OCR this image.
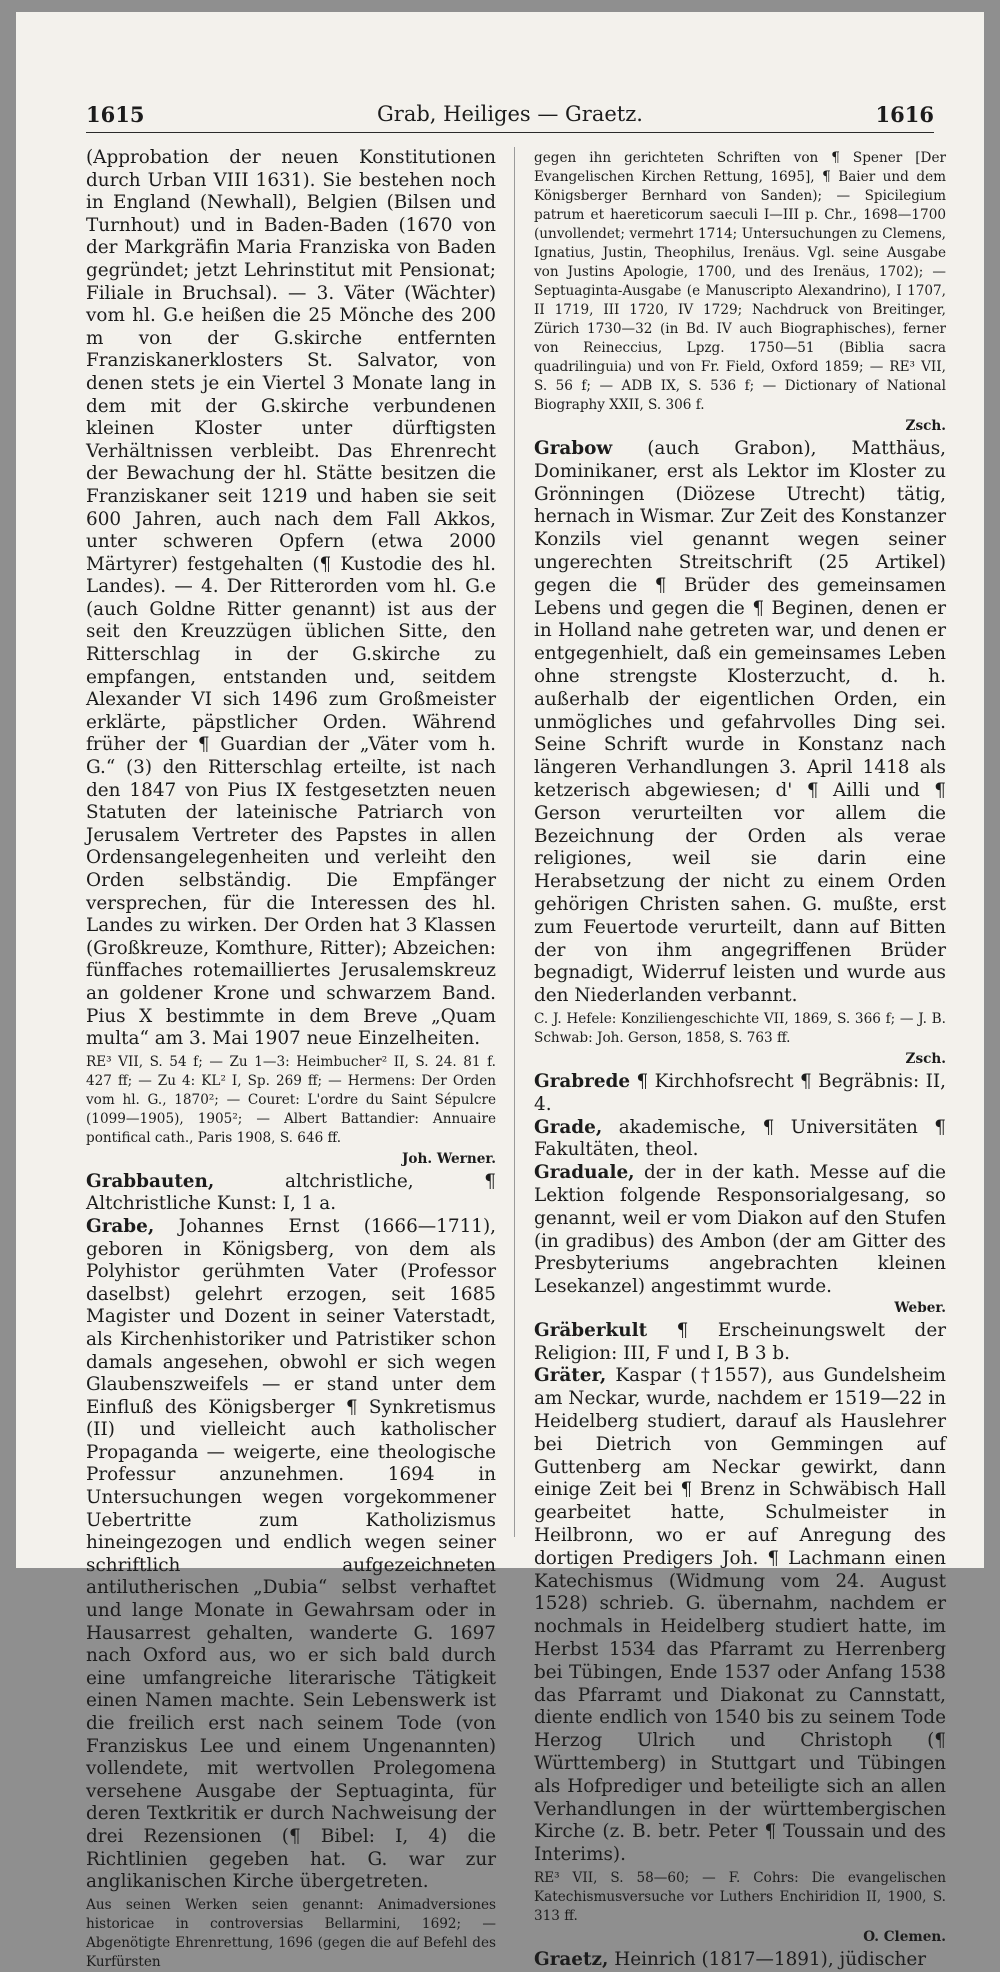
1615	Grab, Heiliges — Graetz.	1616

(Approbation der neuen Konstitutionen durch Urban VIII 1631). Sie bestehen noch in England (Newhall), Belgien (Bilsen und Turnhout) und in Baden-Baden (1670 von der Markgräfin Maria Franziska von Baden gegründet; jetzt Lehrinstitut mit Pensionat; Filiale in Bruchsal). — 3. Väter (Wächter) vom hl. G.e heißen die 25 Mönche des 200 m von der G.skirche entfernten Franziskanerklosters St. Salvator, von denen stets je ein Viertel 3 Monate lang in dem mit der G.skirche verbundenen kleinen Kloster unter dürftigsten Verhältnissen verbleibt. Das Ehrenrecht der Bewachung der hl. Stätte besitzen die Franziskaner seit 1219 und haben sie seit 600 Jahren, auch nach dem Fall Akkos, unter schweren Opfern (etwa 2000 Märtyrer) festgehalten (¶ Kustodie des hl. Landes). — 4. Der Ritterorden vom hl. G.e (auch Goldne Ritter genannt) ist aus der seit den Kreuzzügen üblichen Sitte, den Ritterschlag in der G.skirche zu empfangen, entstanden und, seitdem Alexander VI sich 1496 zum Großmeister erklärte, päpstlicher Orden. Während früher der ¶ Guardian der „Väter vom h. G.“ (3) den Ritterschlag erteilte, ist nach den 1847 von Pius IX festgesetzten neuen Statuten der lateinische Patriarch von Jerusalem Vertreter des Papstes in allen Ordensangelegenheiten und verleiht den Orden selbständig. Die Empfänger versprechen, für die Interessen des hl. Landes zu wirken. Der Orden hat 3 Klassen (Großkreuze, Komthure, Ritter); Abzeichen: fünffaches rotemailliertes Jerusalemskreuz an goldener Krone und schwarzem Band. Pius X bestimmte in dem Breve „Quam multa“ am 3. Mai 1907 neue Einzelheiten.

RE³ VII, S. 54 f; — Zu 1—3: Heimbucher² II, S. 24. 81 f. 427 ff; — Zu 4: KL² I, Sp. 269 ff; — Hermens: Der Orden vom hl. G., 1870²; — Couret: L'ordre du Saint Sépulcre (1099—1905), 1905²; — Albert Battandier: Annuaire pontifical cath., Paris 1908, S. 646 ff.

Joh. Werner.

Grabbauten, altchristliche, ¶ Altchristliche Kunst: I, 1 a.

Grabe, Johannes Ernst (1666—1711), geboren in Königsberg, von dem als Polyhistor gerühmten Vater (Professor daselbst) gelehrt erzogen, seit 1685 Magister und Dozent in seiner Vaterstadt, als Kirchenhistoriker und Patristiker schon damals angesehen, obwohl er sich wegen Glaubenszweifels — er stand unter dem Einfluß des Königsberger ¶ Synkretismus (II) und vielleicht auch katholischer Propaganda — weigerte, eine theologische Professur anzunehmen. 1694 in Untersuchungen wegen vorgekommener Uebertritte zum Katholizismus hineingezogen und endlich wegen seiner schriftlich aufgezeichneten antilutherischen „Dubia“ selbst verhaftet und lange Monate in Gewahrsam oder in Hausarrest gehalten, wanderte G. 1697 nach Oxford aus, wo er sich bald durch eine umfangreiche literarische Tätigkeit einen Namen machte. Sein Lebenswerk ist die freilich erst nach seinem Tode (von Franziskus Lee und einem Ungenannten) vollendete, mit wertvollen Prolegomena versehene Ausgabe der Septuaginta, für deren Textkritik er durch Nachweisung der drei Rezensionen (¶ Bibel: I, 4) die Richtlinien gegeben hat. G. war zur anglikanischen Kirche übergetreten.

Aus seinen Werken seien genannt: Animadversiones historicae in controversias Bellarmini, 1692; — Abgenötigte Ehrenrettung, 1696 (gegen die auf Befehl des Kurfürsten

gegen ihn gerichteten Schriften von ¶ Spener [Der Evangelischen Kirchen Rettung, 1695], ¶ Baier und dem Königsberger Bernhard von Sanden); — Spicilegium patrum et haereticorum saeculi I—III p. Chr., 1698—1700 (unvollendet; vermehrt 1714; Untersuchungen zu Clemens, Ignatius, Justin, Theophilus, Irenäus. Vgl. seine Ausgabe von Justins Apologie, 1700, und des Irenäus, 1702); — Septuaginta-Ausgabe (e Manuscripto Alexandrino), I 1707, II 1719, III 1720, IV 1729; Nachdruck von Breitinger, Zürich 1730—32 (in Bd. IV auch Biographisches), ferner von Reineccius, Lpzg. 1750—51 (Biblia sacra quadrilinguia) und von Fr. Field, Oxford 1859; — RE³ VII, S. 56 f; — ADB IX, S. 536 f; — Dictionary of National Biography XXII, S. 306 f.

Zsch.

Grabow (auch Grabon), Matthäus, Dominikaner, erst als Lektor im Kloster zu Grönningen (Diözese Utrecht) tätig, hernach in Wismar. Zur Zeit des Konstanzer Konzils viel genannt wegen seiner ungerechten Streitschrift (25 Artikel) gegen die ¶ Brüder des gemeinsamen Lebens und gegen die ¶ Beginen, denen er in Holland nahe getreten war, und denen er entgegenhielt, daß ein gemeinsames Leben ohne strengste Klosterzucht, d. h. außerhalb der eigentlichen Orden, ein unmögliches und gefahrvolles Ding sei. Seine Schrift wurde in Konstanz nach längeren Verhandlungen 3. April 1418 als ketzerisch abgewiesen; d' ¶ Ailli und ¶ Gerson verurteilten vor allem die Bezeichnung der Orden als verae religiones, weil sie darin eine Herabsetzung der nicht zu einem Orden gehörigen Christen sahen. G. mußte, erst zum Feuertode verurteilt, dann auf Bitten der von ihm angegriffenen Brüder begnadigt, Widerruf leisten und wurde aus den Niederlanden verbannt.

C. J. Hefele: Konziliengeschichte VII, 1869, S. 366 f; — J. B. Schwab: Joh. Gerson, 1858, S. 763 ff.

Zsch.

Grabrede ¶ Kirchhofsrecht ¶ Begräbnis: II, 4.

Grade, akademische, ¶ Universitäten ¶ Fakultäten, theol.

Graduale, der in der kath. Messe auf die Lektion folgende Responsorialgesang, so genannt, weil er vom Diakon auf den Stufen (in gradibus) des Ambon (der am Gitter des Presbyteriums angebrachten kleinen Lesekanzel) angestimmt wurde.

Weber.

Gräberkult ¶ Erscheinungswelt der Religion: III, F und I, B 3 b.

Gräter, Kaspar (†1557), aus Gundelsheim am Neckar, wurde, nachdem er 1519—22 in Heidelberg studiert, darauf als Hauslehrer bei Dietrich von Gemmingen auf Guttenberg am Neckar gewirkt, dann einige Zeit bei ¶ Brenz in Schwäbisch Hall gearbeitet hatte, Schulmeister in Heilbronn, wo er auf Anregung des dortigen Predigers Joh. ¶ Lachmann einen Katechismus (Widmung vom 24. August 1528) schrieb. G. übernahm, nachdem er nochmals in Heidelberg studiert hatte, im Herbst 1534 das Pfarramt zu Herrenberg bei Tübingen, Ende 1537 oder Anfang 1538 das Pfarramt und Diakonat zu Cannstatt, diente endlich von 1540 bis zu seinem Tode Herzog Ulrich und Christoph (¶ Württemberg) in Stuttgart und Tübingen als Hofprediger und beteiligte sich an allen Verhandlungen in der württembergischen Kirche (z. B. betr. Peter ¶ Toussain und des Interims).

RE³ VII, S. 58—60; — F. Cohrs: Die evangelischen Katechismusversuche vor Luthers Enchiridion II, 1900, S. 313 ff.

O. Clemen.

Graetz, Heinrich (1817—1891), jüdischer
